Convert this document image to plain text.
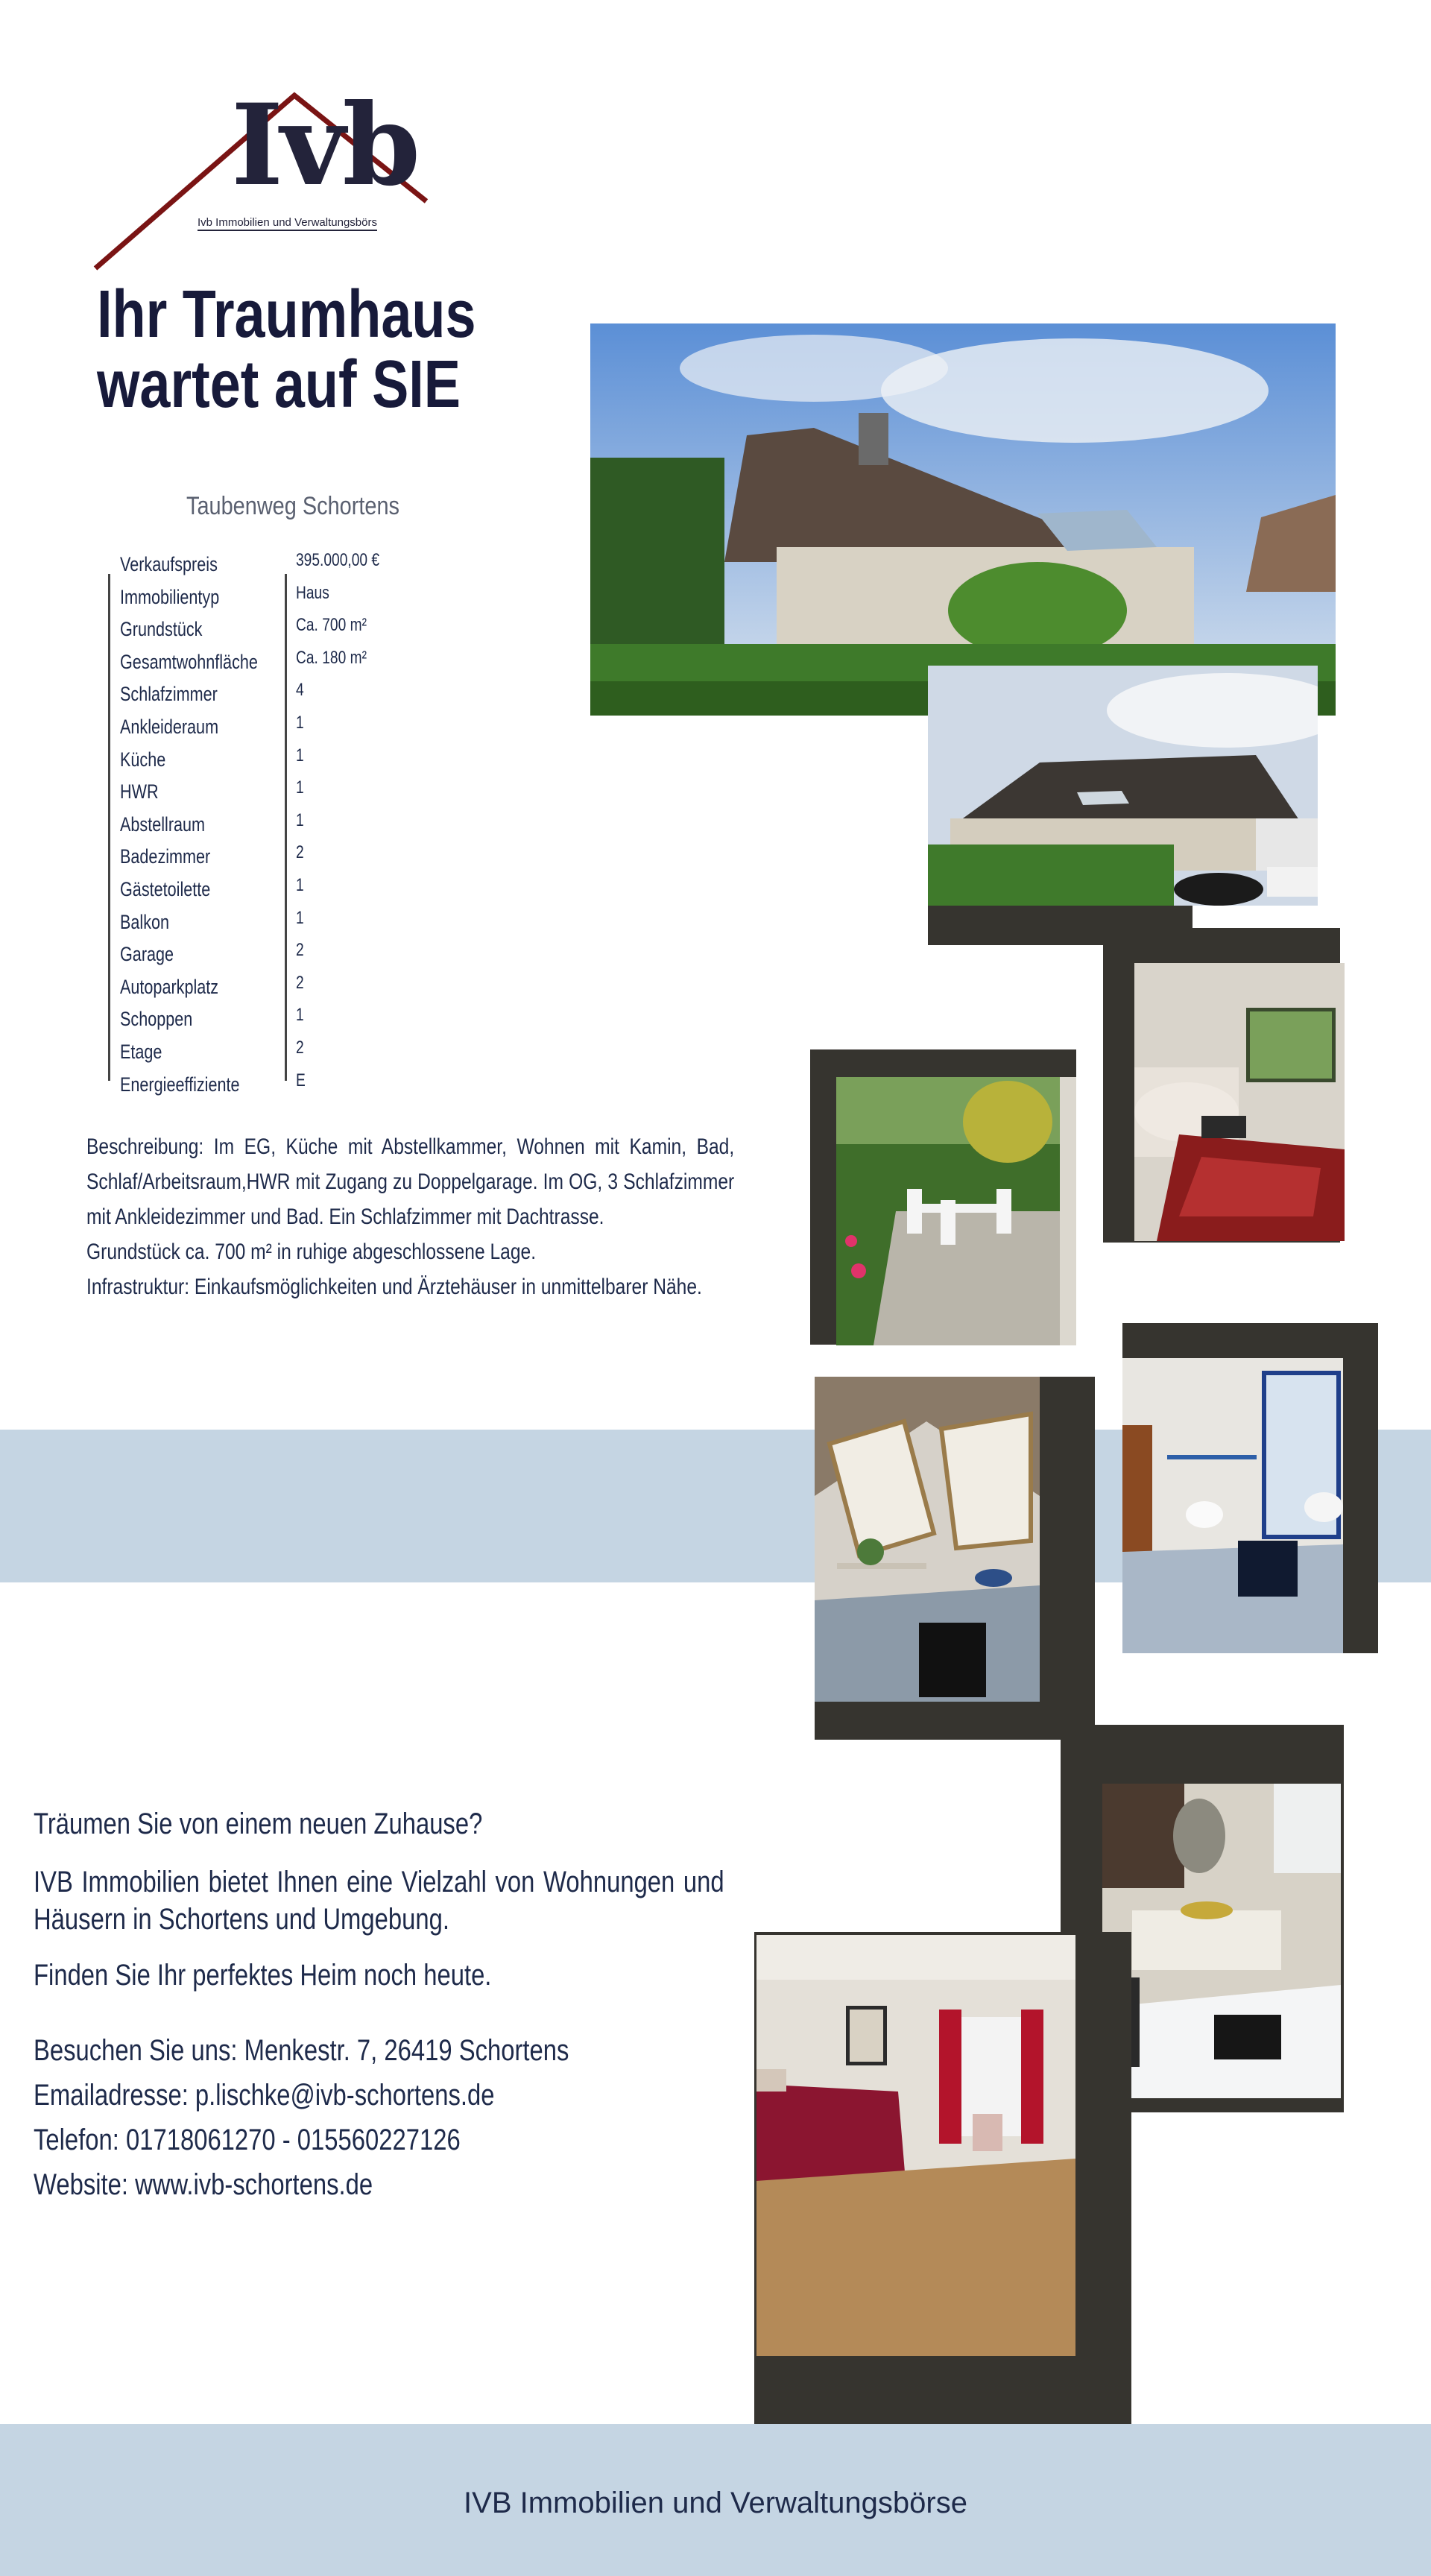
Ivb
Ivb Immobilien und Verwaltungsbörs
Ihr Traumhaus
wartet auf SIE
Taubenweg Schortens
Verkaufspreis	395.000,00 €
Immobilientyp	Haus
Grundstück	Ca. 700 m²
Gesamtwohnfläche Ca. 180 m²
Schlafzimmer	4
Ankleideraum	1
Küche	1
HWR	1
Abstellraum	1
Badezimmer	2
Gästetoilette	1
Balkon	1
Garage	2
Autoparkplatz	2
Schoppen	1
Etage	2
Energieeffiziente	E
Beschreibung: Im EG, Küche mit Abstellkammer, Wohnen mit Kamin, Bad,
Schlaf/Arbeitsraum,HWR mit Zugang zu Doppelgarage. Im OG, 3 Schlafzimmer
mit Ankleidezimmer und Bad. Ein Schlafzimmer mit Dachtrasse.
Grundstück ca. 700 m² in ruhige abgeschlossene Lage.
Infrastruktur: Einkaufsmöglichkeiten und Ärztehäuser in unmittelbarer Nähe.
Träumen Sie von einem neuen Zuhause?
IVB Immobilien bietet Ihnen eine Vielzahl von Wohnungen und Häusern in Schortens und Umgebung.
Finden Sie Ihr perfektes Heim noch heute.
Besuchen Sie uns: Menkestr. 7, 26419 Schortens
Emailadresse: p.lischke@ivb-schortens.de
Telefon: 01718061270 - 015560227126
Website: www.ivb-schortens.de
IVB Immobilien und Verwaltungsbörse
